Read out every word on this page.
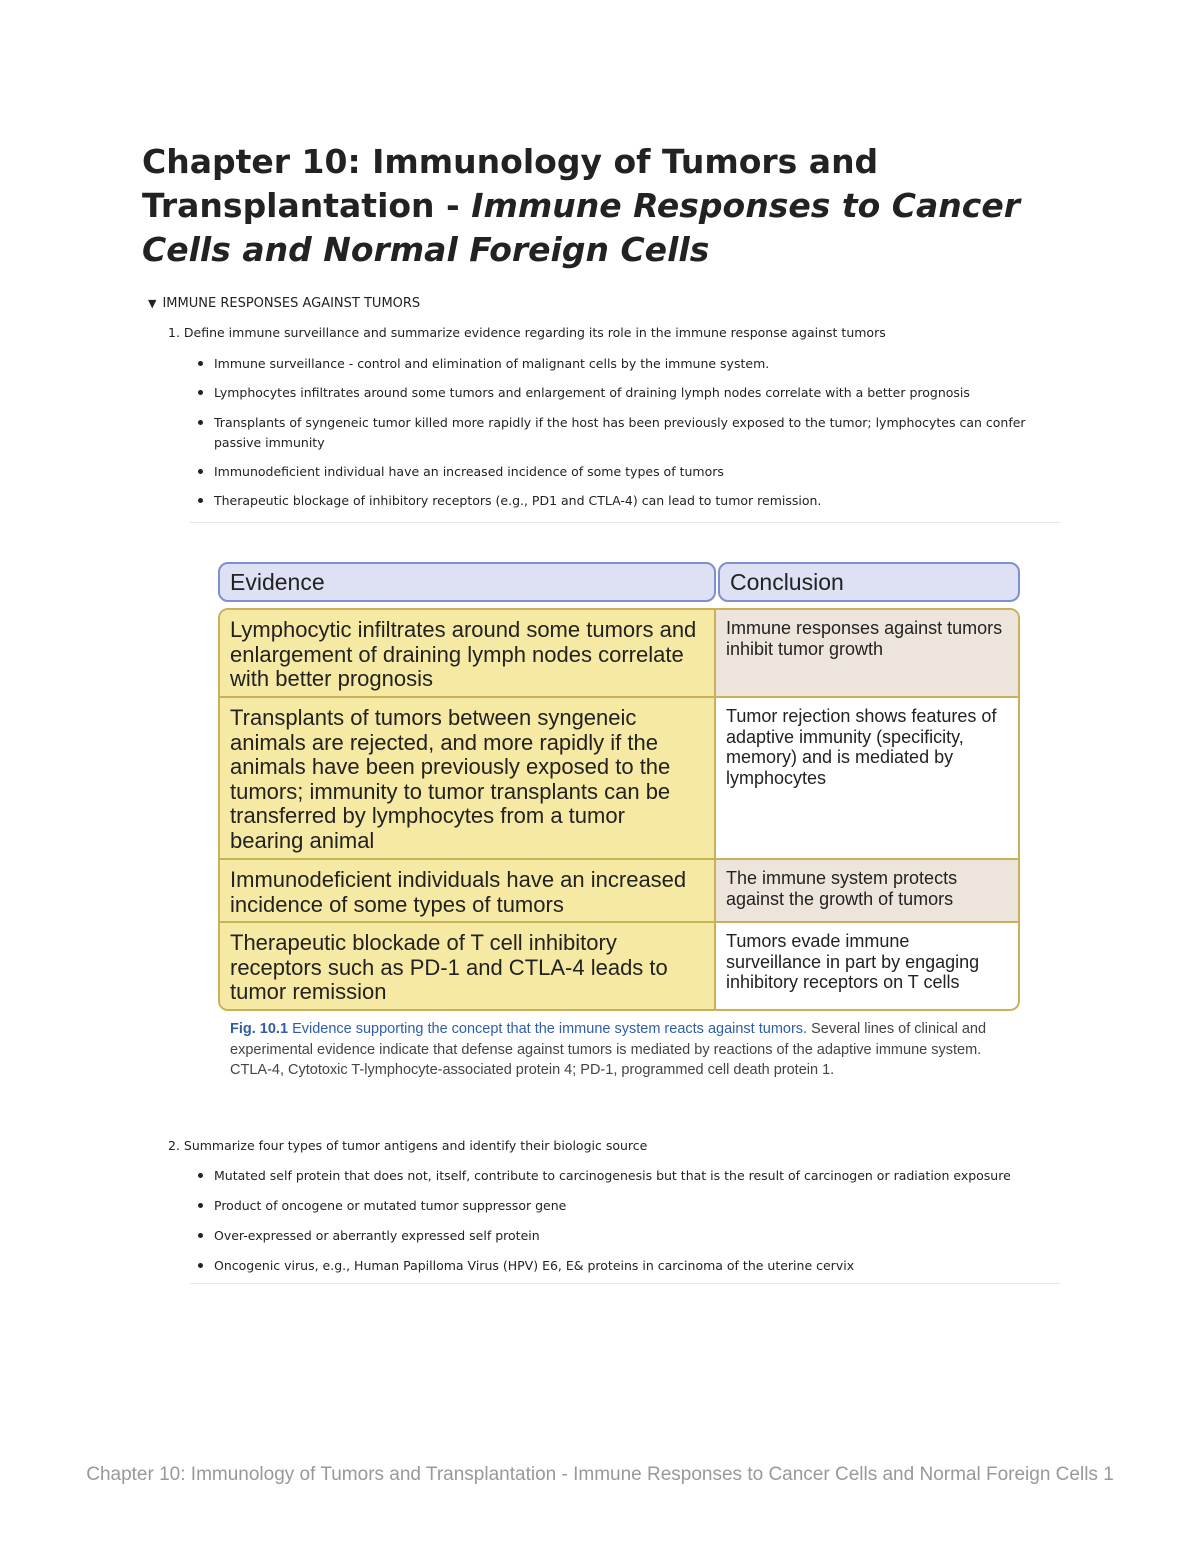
Chapter 10: Immunology of Tumors and Transplantation - Immune Responses to Cancer Cells and Normal Foreign Cells
▼ IMMUNE RESPONSES AGAINST TUMORS
1. Define immune surveillance and summarize evidence regarding its role in the immune response against tumors
Immune surveillance - control and elimination of malignant cells by the immune system.
Lymphocytes infiltrates around some tumors and enlargement of draining lymph nodes correlate with a better prognosis
Transplants of syngeneic tumor killed more rapidly if the host has been previously exposed to the tumor; lymphocytes can confer passive immunity
Immunodeficient individual have an increased incidence of some types of tumors
Therapeutic blockage of inhibitory receptors (e.g., PD1 and CTLA-4) can lead to tumor remission.
Evidence	Conclusion
Lymphocytic infiltrates around some tumors and enlargement of draining lymph nodes correlate with better prognosis
Immune responses against tumors inhibit tumor growth
Transplants of tumors between syngeneic animals are rejected, and more rapidly if the animals have been previously exposed to the tumors; immunity to tumor transplants can be transferred by lymphocytes from a tumor bearing animal
Tumor rejection shows features of adaptive immunity (specificity, memory) and is mediated by lymphocytes
Immunodeficient individuals have an increased incidence of some types of tumors
The immune system protects against the growth of tumors
Therapeutic blockade of T cell inhibitory receptors such as PD-1 and CTLA-4 leads to tumor remission
Tumors evade immune surveillance in part by engaging inhibitory receptors on T cells
Fig. 10.1 Evidence supporting the concept that the immune system reacts against tumors. Several lines of clinical and experimental evidence indicate that defense against tumors is mediated by reactions of the adaptive immune system. CTLA-4, Cytotoxic T-lymphocyte-associated protein 4; PD-1, programmed cell death protein 1.
2. Summarize four types of tumor antigens and identify their biologic source
Mutated self protein that does not, itself, contribute to carcinogenesis but that is the result of carcinogen or radiation exposure
Product of oncogene or mutated tumor suppressor gene
Over-expressed or aberrantly expressed self protein
Oncogenic virus, e.g., Human Papilloma Virus (HPV) E6, E& proteins in carcinoma of the uterine cervix
Chapter 10: Immunology of Tumors and Transplantation - Immune Responses to Cancer Cells and Normal Foreign Cells 1
